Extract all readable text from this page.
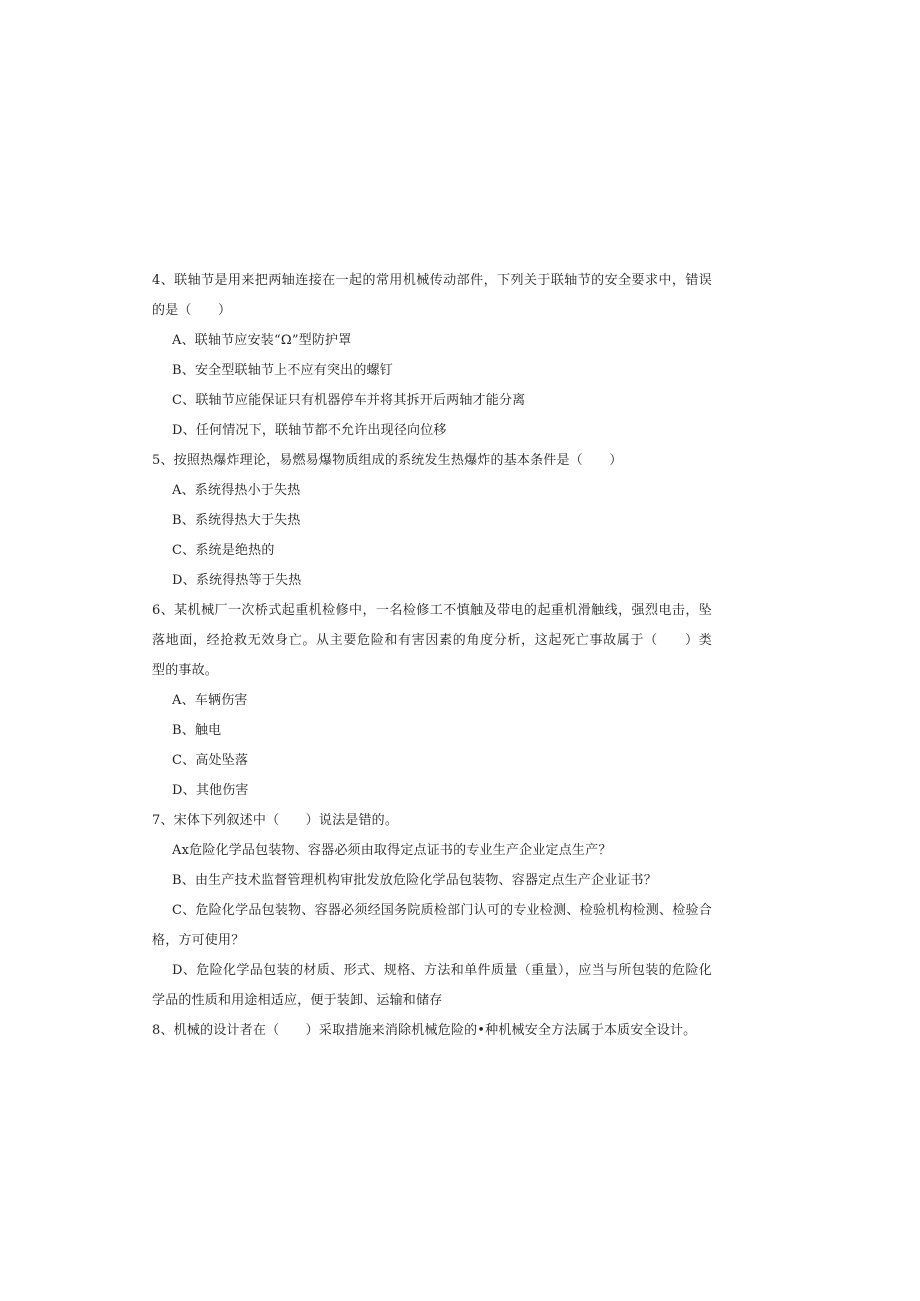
4、联轴节是用来把两轴连接在一起的常用机械传动部件，下列关于联轴节的安全要求中，错误
的是（　　）
A、联轴节应安装“Ω”型防护罩
B、安全型联轴节上不应有突出的螺钉
C、联轴节应能保证只有机器停车并将其拆开后两轴才能分离
D、任何情况下，联轴节都不允许出现径向位移
5、按照热爆炸理论，易燃易爆物质组成的系统发生热爆炸的基本条件是（　　）
A、系统得热小于失热
B、系统得热大于失热
C、系统是绝热的
D、系统得热等于失热
6、某机械厂一次桥式起重机检修中，一名检修工不慎触及带电的起重机滑触线，强烈电击，坠
落地面，经抢救无效身亡。从主要危险和有害因素的角度分析，这起死亡事故属于（　　）类
型的事故。
A、车辆伤害
B、触电
C、高处坠落
D、其他伤害
7、宋体下列叙述中（　　）说法是错的。
Ax危险化学品包装物、容器必须由取得定点证书的专业生产企业定点生产？
B、由生产技术监督管理机构审批发放危险化学品包装物、容器定点生产企业证书？
C、危险化学品包装物、容器必须经国务院质检部门认可的专业检测、检验机构检测、检验合
格，方可使用？
D、危险化学品包装的材质、形式、规格、方法和单件质量（重量），应当与所包装的危险化
学品的性质和用途相适应，便于装卸、运输和储存
8、机械的设计者在（　　）采取措施来消除机械危险的•种机械安全方法属于本质安全设计。
